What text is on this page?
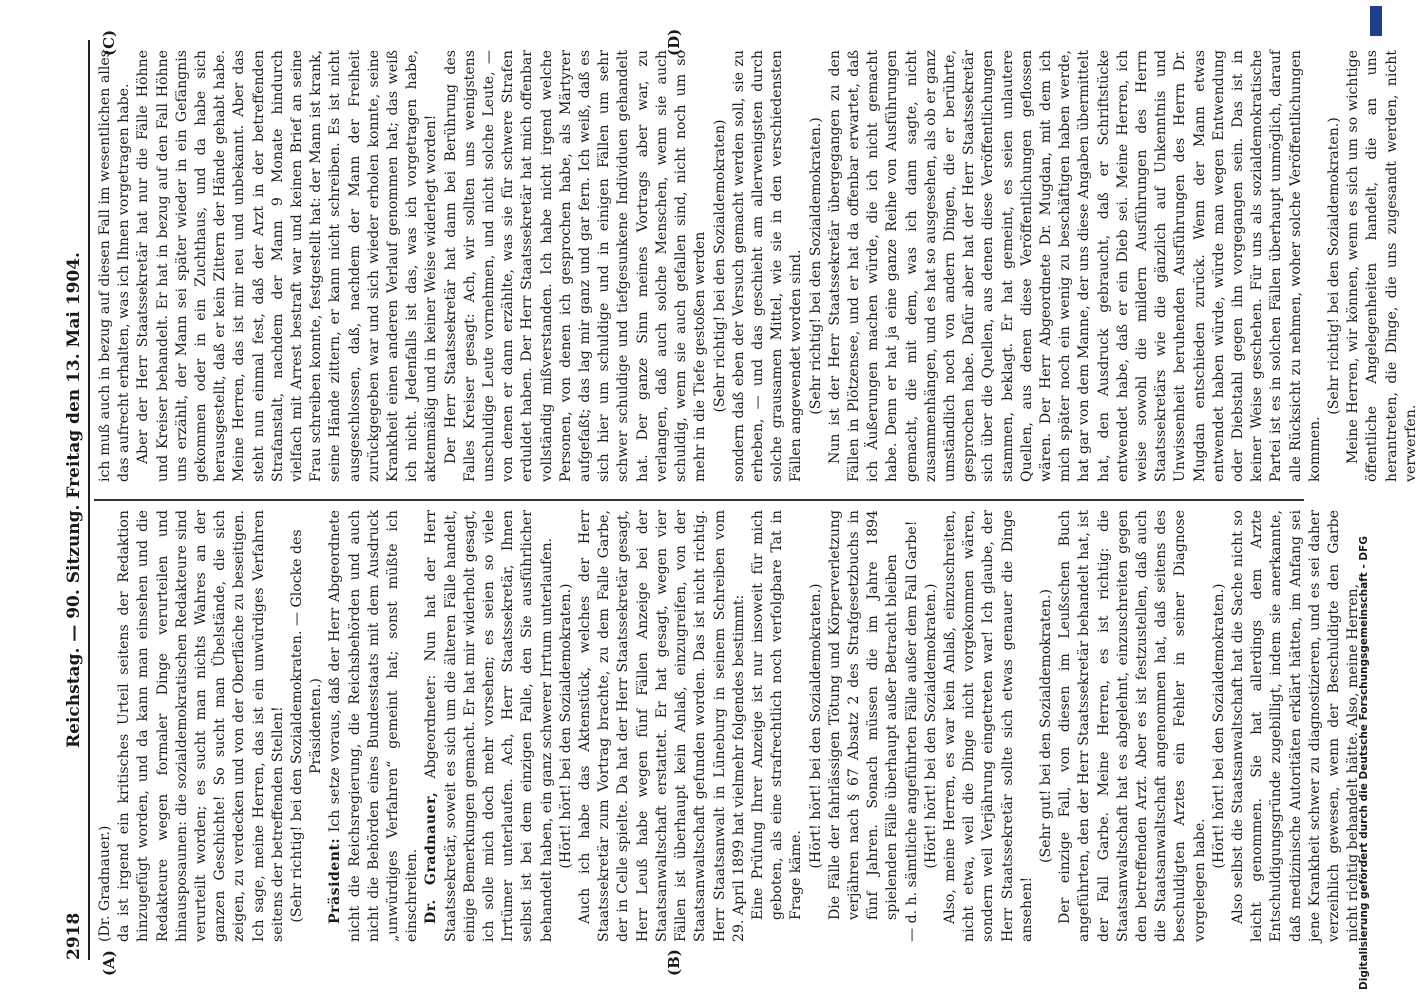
2918
Reichstag. — 90. Sitzung. Freitag den 13. Mai 1904.
(A)	(B)
(C)	(D)

(Dr. Gradnauer.) da ist irgend ein kritisches Urteil seitens der Redaktion hinzugefügt worden, und da kann man einsehen und die Redakteure wegen formaler Dinge verurteilen und hinausposaunen: die sozialdemokratischen Redakteure sind verurteilt worden; es sucht man nichts Wahres an der ganzen Geschichte! So sucht man Übelstände, die sich zeigen, zu verdecken und von der Oberfläche zu beseitigen. Ich sage, meine Herren, das ist ein unwürdiges Verfahren seitens der betreffenden Stellen! (Sehr richtig! bei den Sozialdemokraten. — Glocke des Präsidenten.)

Präsident: Ich setze voraus, daß der Herr Abgeordnete nicht die Reichsregierung, die Reichsbehörden und auch nicht die Behörden eines Bundesstaats mit dem Ausdruck „unwürdiges Verfahren“ gemeint hat; sonst müßte ich einschreiten. Dr. Gradnauer, Abgeordneter: Nun hat der Herr Staatssekretär, soweit es sich um die älteren Fälle handelt, einige Bemerkungen gemacht. Er hat mir widerholt gesagt, ich solle mich doch mehr vorsehen; es seien so viele Irrtümer unterlaufen. Ach, Herr Staatssekretär, Ihnen selbst ist bei dem einzigen Falle, den Sie ausführlicher behandelt haben, ein ganz schwerer Irrtum unterlaufen. (Hört! hört! bei den Sozialdemokraten.) Auch ich habe das Aktenstück, welches der Herr Staatssekretär zum Vortrag brachte, zu dem Falle Garbe, der in Celle spielte. Da hat der Herr Staatssekretär gesagt, Herr Leuß habe wegen fünf Fällen Anzeige bei der Staatsanwaltschaft erstattet. Er hat gesagt, wegen vier Fällen ist überhaupt kein Anlaß, einzugreifen, von der Staatsanwaltschaft gefunden worden. Das ist nicht richtig. Herr Staatsanwalt in Lüneburg in seinem Schreiben vom 29. April 1899 hat vielmehr folgendes bestimmt: Eine Prüfung Ihrer Anzeige ist nur insoweit für mich geboten, als eine strafrechtlich noch verfolgbare Tat in Frage käme.

(Hört! hört! bei den Sozialdemokraten.) Die Fälle der fahrlässigen Tötung und Körperverletzung verjähren nach § 67 Absatz 2 des Strafgesetzbuchs in fünf Jahren. Sonach müssen die im Jahre 1894 spielenden Fälle überhaupt außer Betracht bleiben — d. h. sämtliche angeführten Fälle außer dem Fall Garbe! (Hört! hört! bei den Sozialdemokraten.) Also, meine Herren, es war kein Anlaß, einzuschreiten, nicht etwa, weil die Dinge nicht vorgekommen wären, sondern weil Verjährung eingetreten war! Ich glaube, der Herr Staatssekretär sollte sich etwas genauer die Dinge ansehen!

(Sehr gut! bei den Sozialdemokraten.) Der einzige Fall, von diesen im Leußschen Buch angeführten, den der Herr Staatssekretär behandelt hat, ist der Fall Garbe. Meine Herren, es ist richtig: die Staatsanwaltschaft hat es abgelehnt, einzuschreiten gegen den betreffenden Arzt. Aber es ist festzustellen, daß auch die Staatsanwaltschaft angenommen hat, daß seitens des beschuldigten Arztes ein Fehler in seiner Diagnose vorgelegen habe.

(Hört! hört! bei den Sozialdemokraten.) Also selbst die Staatsanwaltschaft hat die Sache nicht so leicht genommen. Sie hat allerdings dem Arzte Entschuldigungsgründe zugebilligt, indem sie anerkannte, daß medizinische Autoritäten erklärt hätten, im Anfang sei jene Krankheit schwer zu diagnostizieren, und es sei daher verzeihlich gewesen, wenn der Beschuldigte den Garbe nicht richtig behandelt hätte. Also, meine Herren,

ich muß auch in bezug auf diesen Fall im wesentlichen alles das aufrecht erhalten, was ich Ihnen vorgetragen habe. Aber der Herr Staatssekretär hat nur die Fälle Höhne und Kreiser behandelt. Er hat in bezug auf den Fall Höhne uns erzählt, der Mann sei später wieder in ein Gefängnis gekommen oder in ein Zuchthaus, und da habe sich herausgestellt, daß er kein Zittern der Hände gehabt habe. Meine Herren, das ist mir neu und unbekannt. Aber das steht nun einmal fest, daß der Arzt in der betreffenden Strafanstalt, nachdem der Mann 9 Monate hindurch vielfach mit Arrest bestraft war und keinen Brief an seine Frau schreiben konnte, festgestellt hat: der Mann ist krank, seine Hände zittern, er kann nicht schreiben. Es ist nicht ausgeschlossen, daß, nachdem der Mann der Freiheit zurückgegeben war und sich wieder erholen konnte, seine Krankheit einen anderen Verlauf genommen hat; das weiß ich nicht. Jedenfalls ist das, was ich vorgetragen habe, aktenmäßig und in keiner Weise widerlegt worden! Der Herr Staatssekretär hat dann bei Berührung des Falles Kreiser gesagt: Ach, wir sollten uns wenigstens unschuldige Leute vornehmen, und nicht solche Leute, — von denen er dann erzählte, was sie für schwere Strafen erduldet haben. Der Herr Staatssekretär hat mich offenbar vollständig mißverstanden. Ich habe nicht irgend welche Personen, von denen ich gesprochen habe, als Märtyrer aufgefaßt; das lag mir ganz und gar fern. Ich weiß, daß es sich hier um schuldige und in einigen Fällen um sehr schwer schuldige und tiefgesunkene Individuen gehandelt hat. Der ganze Sinn meines Vortrags aber war, zu verlangen, daß auch solche Menschen, wenn sie auch schuldig, wenn sie auch gefallen sind, nicht noch um so mehr in die Tiefe gestoßen werden (Sehr richtig! bei den Sozialdemokraten) sondern daß eben der Versuch gemacht werden soll, sie zu erheben, — und das geschieht am allerwenigsten durch solche grausamen Mittel, wie sie in den verschiedensten Fällen angewendet worden sind. (Sehr richtig! bei den Sozialdemokraten.) Nun ist der Herr Staatssekretär übergegangen zu den Fällen in Plötzensee, und er hat da offenbar erwartet, daß ich Äußerungen machen würde, die ich nicht gemacht habe. Denn er hat ja eine ganze Reihe von Ausführungen gemacht, die mit dem, was ich dann sagte, nicht zusammenhängen, und es hat so ausgesehen, als ob er ganz umständlich noch von andern Dingen, die er berührte, gesprochen habe. Dafür aber hat der Herr Staatssekretär sich über die Quellen, aus denen diese Veröffentlichungen stammen, beklagt. Er hat gemeint, es seien unlautere Quellen, aus denen diese Veröffentlichungen geflossen wären. Der Herr Abgeordnete Dr. Mugdan, mit dem ich mich später noch ein wenig zu beschäftigen haben werde, hat gar von dem Manne, der uns diese Angaben übermittelt hat, den Ausdruck gebraucht, daß er Schriftstücke entwendet habe, daß er ein Dieb sei. Meine Herren, ich weise sowohl die mildern Ausführungen des Herrn Staatssekretärs wie die gänzlich auf Unkenntnis und Unwissenheit beruhenden Ausführungen des Herrn Dr. Mugdan entschieden zurück. Wenn der Mann etwas entwendet haben würde, würde man wegen Entwendung oder Diebstahl gegen ihn vorgegangen sein. Das ist in keiner Weise geschehen. Für uns als sozialdemokratische Partei ist es in solchen Fällen überhaupt unmöglich, darauf alle Rücksicht zu nehmen, woher solche Veröffentlichungen kommen.

(Sehr richtig! bei den Sozialdemokraten.) Meine Herren, wir können, wenn es sich um so wichtige öffentliche Angelegenheiten handelt, die an uns herantreten, die Dinge, die uns zugesandt werden, nicht verwerfen.

Digitalisierung gefördert durch die Deutsche Forschungsgemeinschaft - DFG
